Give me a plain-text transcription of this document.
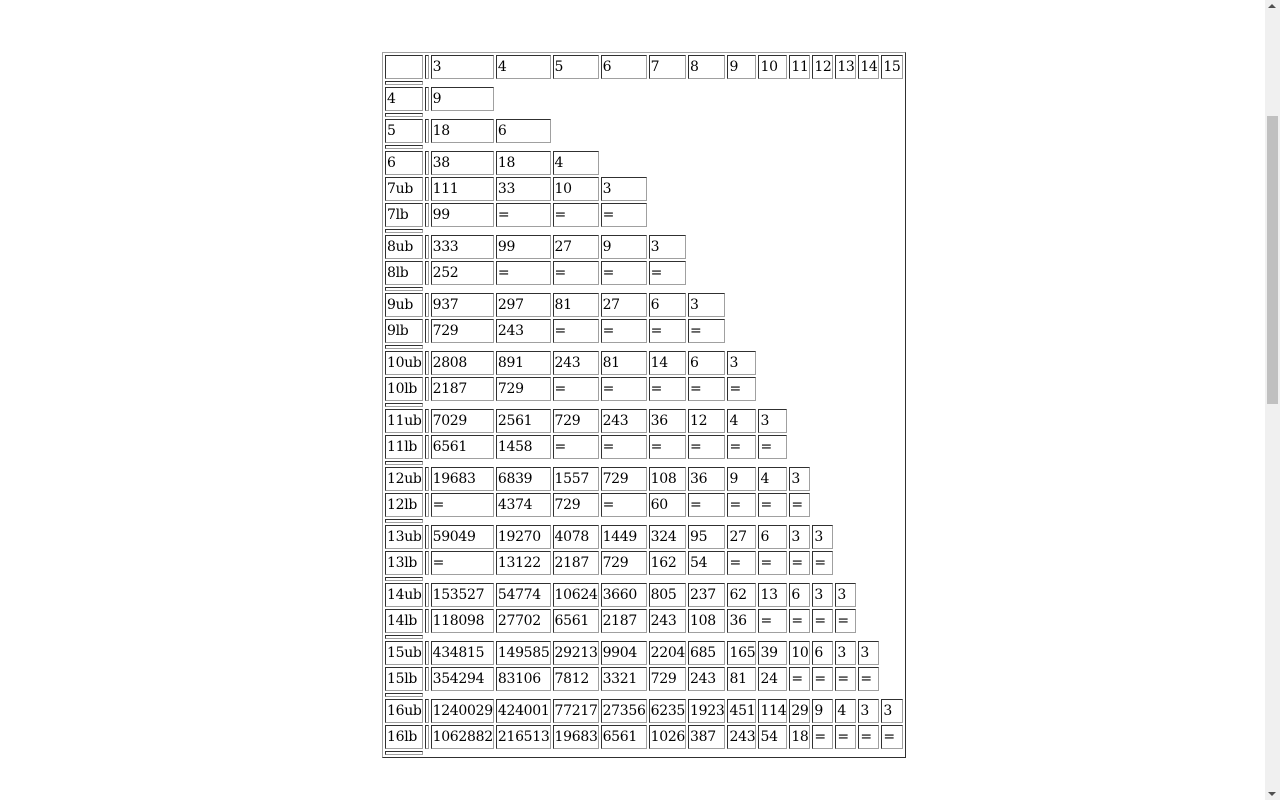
		3	4	5	6	7	8	9	10	11	12	13	14	15

4		9												

5		18	6											

6		38	18	4										
7ub		111	33	10	3									
7lb		99	=	=	=									

8ub		333	99	27	9	3								
8lb		252	=	=	=	=								

9ub		937	297	81	27	6	3							
9lb		729	243	=	=	=	=							

10ub		2808	891	243	81	14	6	3						
10lb		2187	729	=	=	=	=	=						

11ub		7029	2561	729	243	36	12	4	3					
11lb		6561	1458	=	=	=	=	=	=					

12ub		19683	6839	1557	729	108	36	9	4	3				
12lb		=	4374	729	=	60	=	=	=	=				

13ub		59049	19270	4078	1449	324	95	27	6	3	3			
13lb		=	13122	2187	729	162	54	=	=	=	=			

14ub		153527	54774	10624	3660	805	237	62	13	6	3	3		
14lb		118098	27702	6561	2187	243	108	36	=	=	=	=		

15ub		434815	149585	29213	9904	2204	685	165	39	10	6	3	3	
15lb		354294	83106	7812	3321	729	243	81	24	=	=	=	=	

16ub		1240029	424001	77217	27356	6235	1923	451	114	29	9	4	3	3
16lb		1062882	216513	19683	6561	1026	387	243	54	18	=	=	=	=
